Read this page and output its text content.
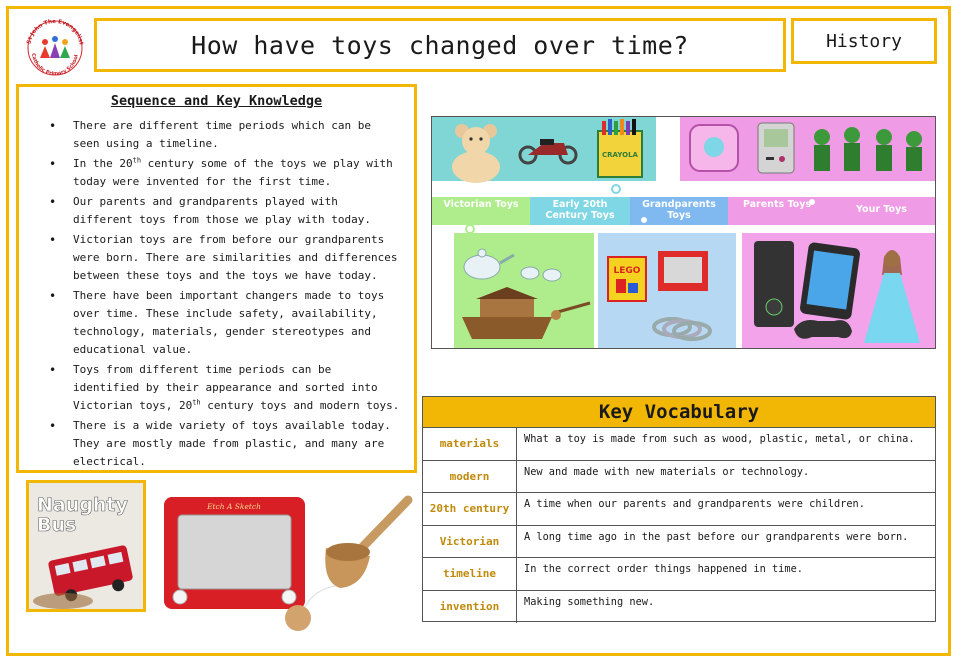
St John The Evangelist
Catholic Primary School	How have toys changed over time?	History
Sequence and Key Knowledge
• There are different time periods which can be seen using a timeline.
• In the 20th century some of the toys we play with today were invented for the first time.
• Our parents and grandparents played with different toys from those we play with today.
• Victorian toys are from before our grandparents were born. There are similarities and differences between these toys and the toys we have today.
• There have been important changers made to toys over time. These include safety, availability, technology, materials, gender stereotypes and educational value.
• Toys from different time periods can be identified by their appearance and sorted into Victorian toys, 20th century toys and modern toys.
• There is a wide variety of toys available today. They are mostly made from plastic, and many are electrical.
CRAYOLA
Victorian Toys	Early 20th Century Toys
Grandparents Toys
Parents Toys	Your Toys
LEGO
Key Vocabulary
materials	What a toy is made from such as wood, plastic, metal, or china.
modern	New and made with new materials or technology.
20th century	A time when our parents and grandparents were children.
Victorian	A long time ago in the past before our grandparents were born.
timeline	In the correct order things happened in time.
invention	Making something new.
Naughty
Bus
Etch A Sketch
